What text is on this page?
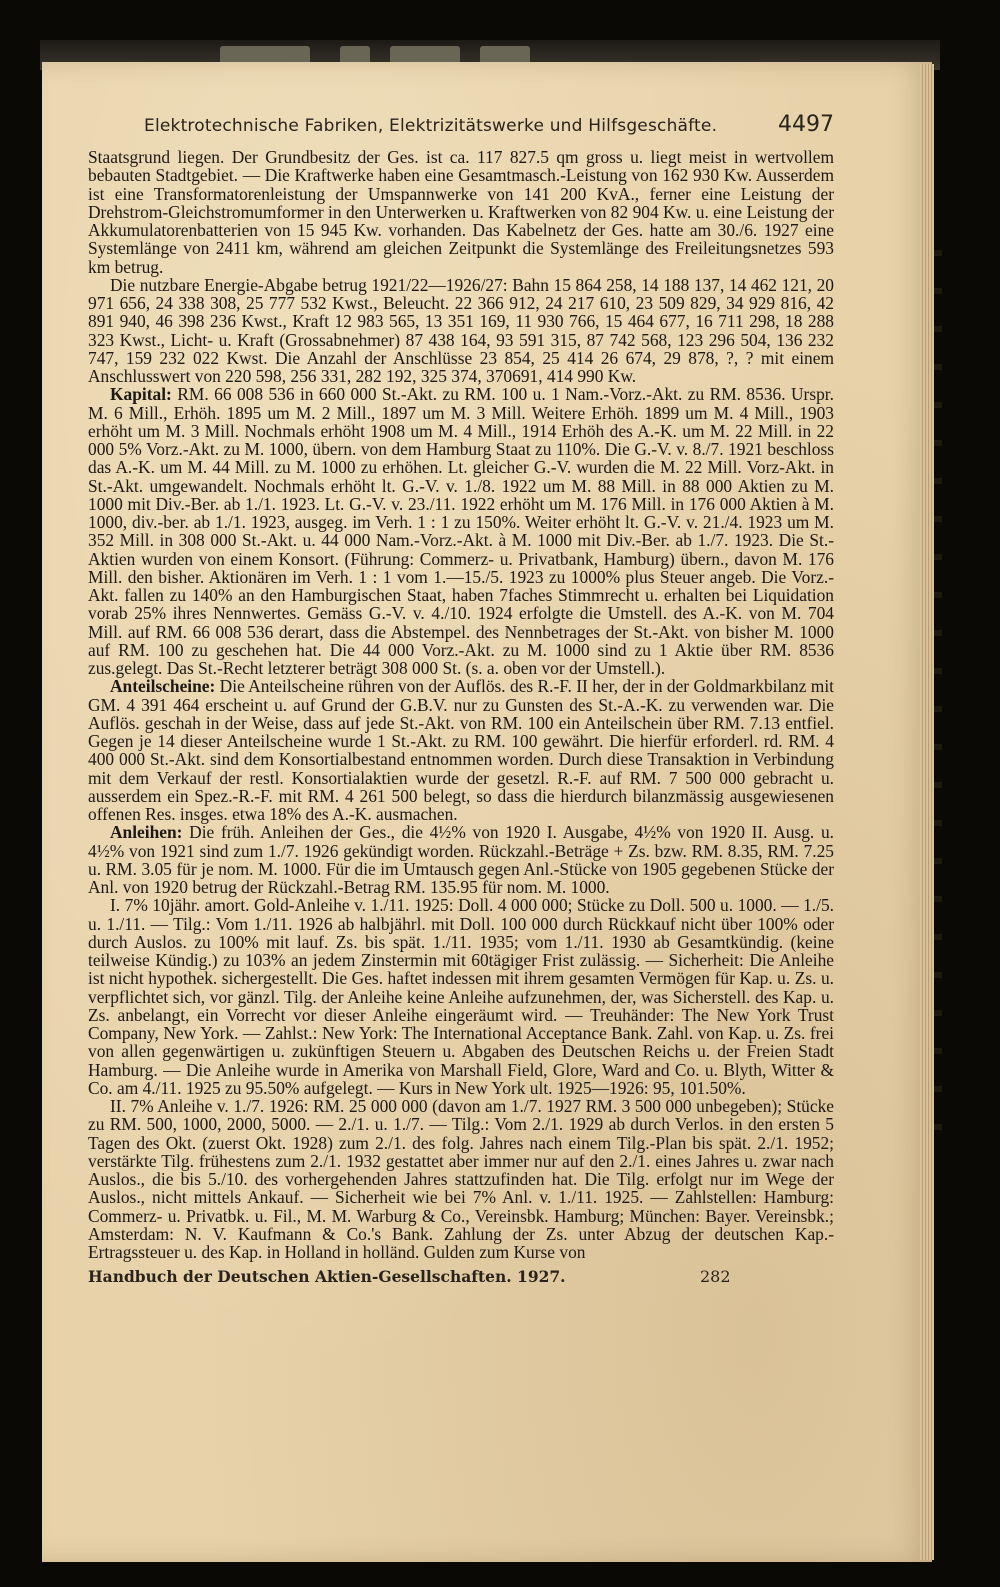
Elektrotechnische Fabriken, Elektrizitätswerke und Hilfsgeschäfte.	4497

Staatsgrund liegen. Der Grundbesitz der Ges. ist ca. 117 827.5 qm gross u. liegt meist in wertvollem bebauten Stadtgebiet. — Die Kraftwerke haben eine Gesamtmasch.-Leistung von 162 930 Kw. Ausserdem ist eine Transformatorenleistung der Umspannwerke von 141 200 KvA., ferner eine Leistung der Drehstrom-Gleichstromumformer in den Unterwerken u. Kraftwerken von 82 904 Kw. u. eine Leistung der Akkumulatorenbatterien von 15 945 Kw. vorhanden. Das Kabelnetz der Ges. hatte am 30./6. 1927 eine Systemlänge von 2411 km, während am gleichen Zeitpunkt die Systemlänge des Freileitungsnetzes 593 km betrug.

Die nutzbare Energie-Abgabe betrug 1921/22—1926/27: Bahn 15 864 258, 14 188 137, 14 462 121, 20 971 656, 24 338 308, 25 777 532 Kwst., Beleucht. 22 366 912, 24 217 610, 23 509 829, 34 929 816, 42 891 940, 46 398 236 Kwst., Kraft 12 983 565, 13 351 169, 11 930 766, 15 464 677, 16 711 298, 18 288 323 Kwst., Licht- u. Kraft (Grossabnehmer) 87 438 164, 93 591 315, 87 742 568, 123 296 504, 136 232 747, 159 232 022 Kwst. Die Anzahl der Anschlüsse 23 854, 25 414 26 674, 29 878, ?, ? mit einem Anschlusswert von 220 598, 256 331, 282 192, 325 374, 370691, 414 990 Kw.

Kapital: RM. 66 008 536 in 660 000 St.-Akt. zu RM. 100 u. 1 Nam.-Vorz.-Akt. zu RM. 8536. Urspr. M. 6 Mill., Erhöh. 1895 um M. 2 Mill., 1897 um M. 3 Mill. Weitere Erhöh. 1899 um M. 4 Mill., 1903 erhöht um M. 3 Mill. Nochmals erhöht 1908 um M. 4 Mill., 1914 Erhöh des A.-K. um M. 22 Mill. in 22 000 5% Vorz.-Akt. zu M. 1000, übern. von dem Hamburg Staat zu 110%. Die G.-V. v. 8./7. 1921 beschloss das A.-K. um M. 44 Mill. zu M. 1000 zu erhöhen. Lt. gleicher G.-V. wurden die M. 22 Mill. Vorz-Akt. in St.-Akt. umgewandelt. Nochmals erhöht lt. G.-V. v. 1./8. 1922 um M. 88 Mill. in 88 000 Aktien zu M. 1000 mit Div.-Ber. ab 1./1. 1923. Lt. G.-V. v. 23./11. 1922 erhöht um M. 176 Mill. in 176 000 Aktien à M. 1000, div.-ber. ab 1./1. 1923, ausgeg. im Verh. 1 : 1 zu 150%. Weiter erhöht lt. G.-V. v. 21./4. 1923 um M. 352 Mill. in 308 000 St.-Akt. u. 44 000 Nam.-Vorz.-Akt. à M. 1000 mit Div.-Ber. ab 1./7. 1923. Die St.-Aktien wurden von einem Konsort. (Führung: Commerz- u. Privatbank, Hamburg) übern., davon M. 176 Mill. den bisher. Aktionären im Verh. 1 : 1 vom 1.—15./5. 1923 zu 1000% plus Steuer angeb. Die Vorz.-Akt. fallen zu 140% an den Hamburgischen Staat, haben 7faches Stimmrecht u. erhalten bei Liquidation vorab 25% ihres Nennwertes. Gemäss G.-V. v. 4./10. 1924 erfolgte die Umstell. des A.-K. von M. 704 Mill. auf RM. 66 008 536 derart, dass die Abstempel. des Nennbetrages der St.-Akt. von bisher M. 1000 auf RM. 100 zu geschehen hat. Die 44 000 Vorz.-Akt. zu M. 1000 sind zu 1 Aktie über RM. 8536 zus.gelegt. Das St.-Recht letzterer beträgt 308 000 St. (s. a. oben vor der Umstell.).

Anteilscheine: Die Anteilscheine rühren von der Auflös. des R.-F. II her, der in der Goldmarkbilanz mit GM. 4 391 464 erscheint u. auf Grund der G.B.V. nur zu Gunsten des St.-A.-K. zu verwenden war. Die Auflös. geschah in der Weise, dass auf jede St.-Akt. von RM. 100 ein Anteilschein über RM. 7.13 entfiel. Gegen je 14 dieser Anteilscheine wurde 1 St.-Akt. zu RM. 100 gewährt. Die hierfür erforderl. rd. RM. 4 400 000 St.-Akt. sind dem Konsortialbestand entnommen worden. Durch diese Transaktion in Verbindung mit dem Verkauf der restl. Konsortialaktien wurde der gesetzl. R.-F. auf RM. 7 500 000 gebracht u. ausserdem ein Spez.-R.-F. mit RM. 4 261 500 belegt, so dass die hierdurch bilanzmässig ausgewiesenen offenen Res. insges. etwa 18% des A.-K. ausmachen.

Anleihen: Die früh. Anleihen der Ges., die 4½% von 1920 I. Ausgabe, 4½% von 1920 II. Ausg. u. 4½% von 1921 sind zum 1./7. 1926 gekündigt worden. Rückzahl.-Beträge + Zs. bzw. RM. 8.35, RM. 7.25 u. RM. 3.05 für je nom. M. 1000. Für die im Umtausch gegen Anl.-Stücke von 1905 gegebenen Stücke der Anl. von 1920 betrug der Rückzahl.-Betrag RM. 135.95 für nom. M. 1000.

I. 7% 10jähr. amort. Gold-Anleihe v. 1./11. 1925: Doll. 4 000 000; Stücke zu Doll. 500 u. 1000. — 1./5. u. 1./11. — Tilg.: Vom 1./11. 1926 ab halbjährl. mit Doll. 100 000 durch Rückkauf nicht über 100% oder durch Auslos. zu 100% mit lauf. Zs. bis spät. 1./11. 1935; vom 1./11. 1930 ab Gesamtkündig. (keine teilweise Kündig.) zu 103% an jedem Zinstermin mit 60tägiger Frist zulässig. — Sicherheit: Die Anleihe ist nicht hypothek. sichergestellt. Die Ges. haftet indessen mit ihrem gesamten Vermögen für Kap. u. Zs. u. verpflichtet sich, vor gänzl. Tilg. der Anleihe keine Anleihe aufzunehmen, der, was Sicherstell. des Kap. u. Zs. anbelangt, ein Vorrecht vor dieser Anleihe eingeräumt wird. — Treuhänder: The New York Trust Company, New York. — Zahlst.: New York: The International Acceptance Bank. Zahl. von Kap. u. Zs. frei von allen gegenwärtigen u. zukünftigen Steuern u. Abgaben des Deutschen Reichs u. der Freien Stadt Hamburg. — Die Anleihe wurde in Amerika von Marshall Field, Glore, Ward and Co. u. Blyth, Witter & Co. am 4./11. 1925 zu 95.50% aufgelegt. — Kurs in New York ult. 1925—1926: 95, 101.50%.

II. 7% Anleihe v. 1./7. 1926: RM. 25 000 000 (davon am 1./7. 1927 RM. 3 500 000 unbegeben); Stücke zu RM. 500, 1000, 2000, 5000. — 2./1. u. 1./7. — Tilg.: Vom 2./1. 1929 ab durch Verlos. in den ersten 5 Tagen des Okt. (zuerst Okt. 1928) zum 2./1. des folg. Jahres nach einem Tilg.-Plan bis spät. 2./1. 1952; verstärkte Tilg. frühestens zum 2./1. 1932 gestattet aber immer nur auf den 2./1. eines Jahres u. zwar nach Auslos., die bis 5./10. des vorhergehenden Jahres stattzufinden hat. Die Tilg. erfolgt nur im Wege der Auslos., nicht mittels Ankauf. — Sicherheit wie bei 7% Anl. v. 1./11. 1925. — Zahlstellen: Hamburg: Commerz- u. Privatbk. u. Fil., M. M. Warburg & Co., Vereinsbk. Hamburg; München: Bayer. Vereinsbk.; Amsterdam: N. V. Kaufmann & Co.'s Bank. Zahlung der Zs. unter Abzug der deutschen Kap.-Ertragssteuer u. des Kap. in Holland in holländ. Gulden zum Kurse von

Handbuch der Deutschen Aktien-Gesellschaften. 1927.	282
